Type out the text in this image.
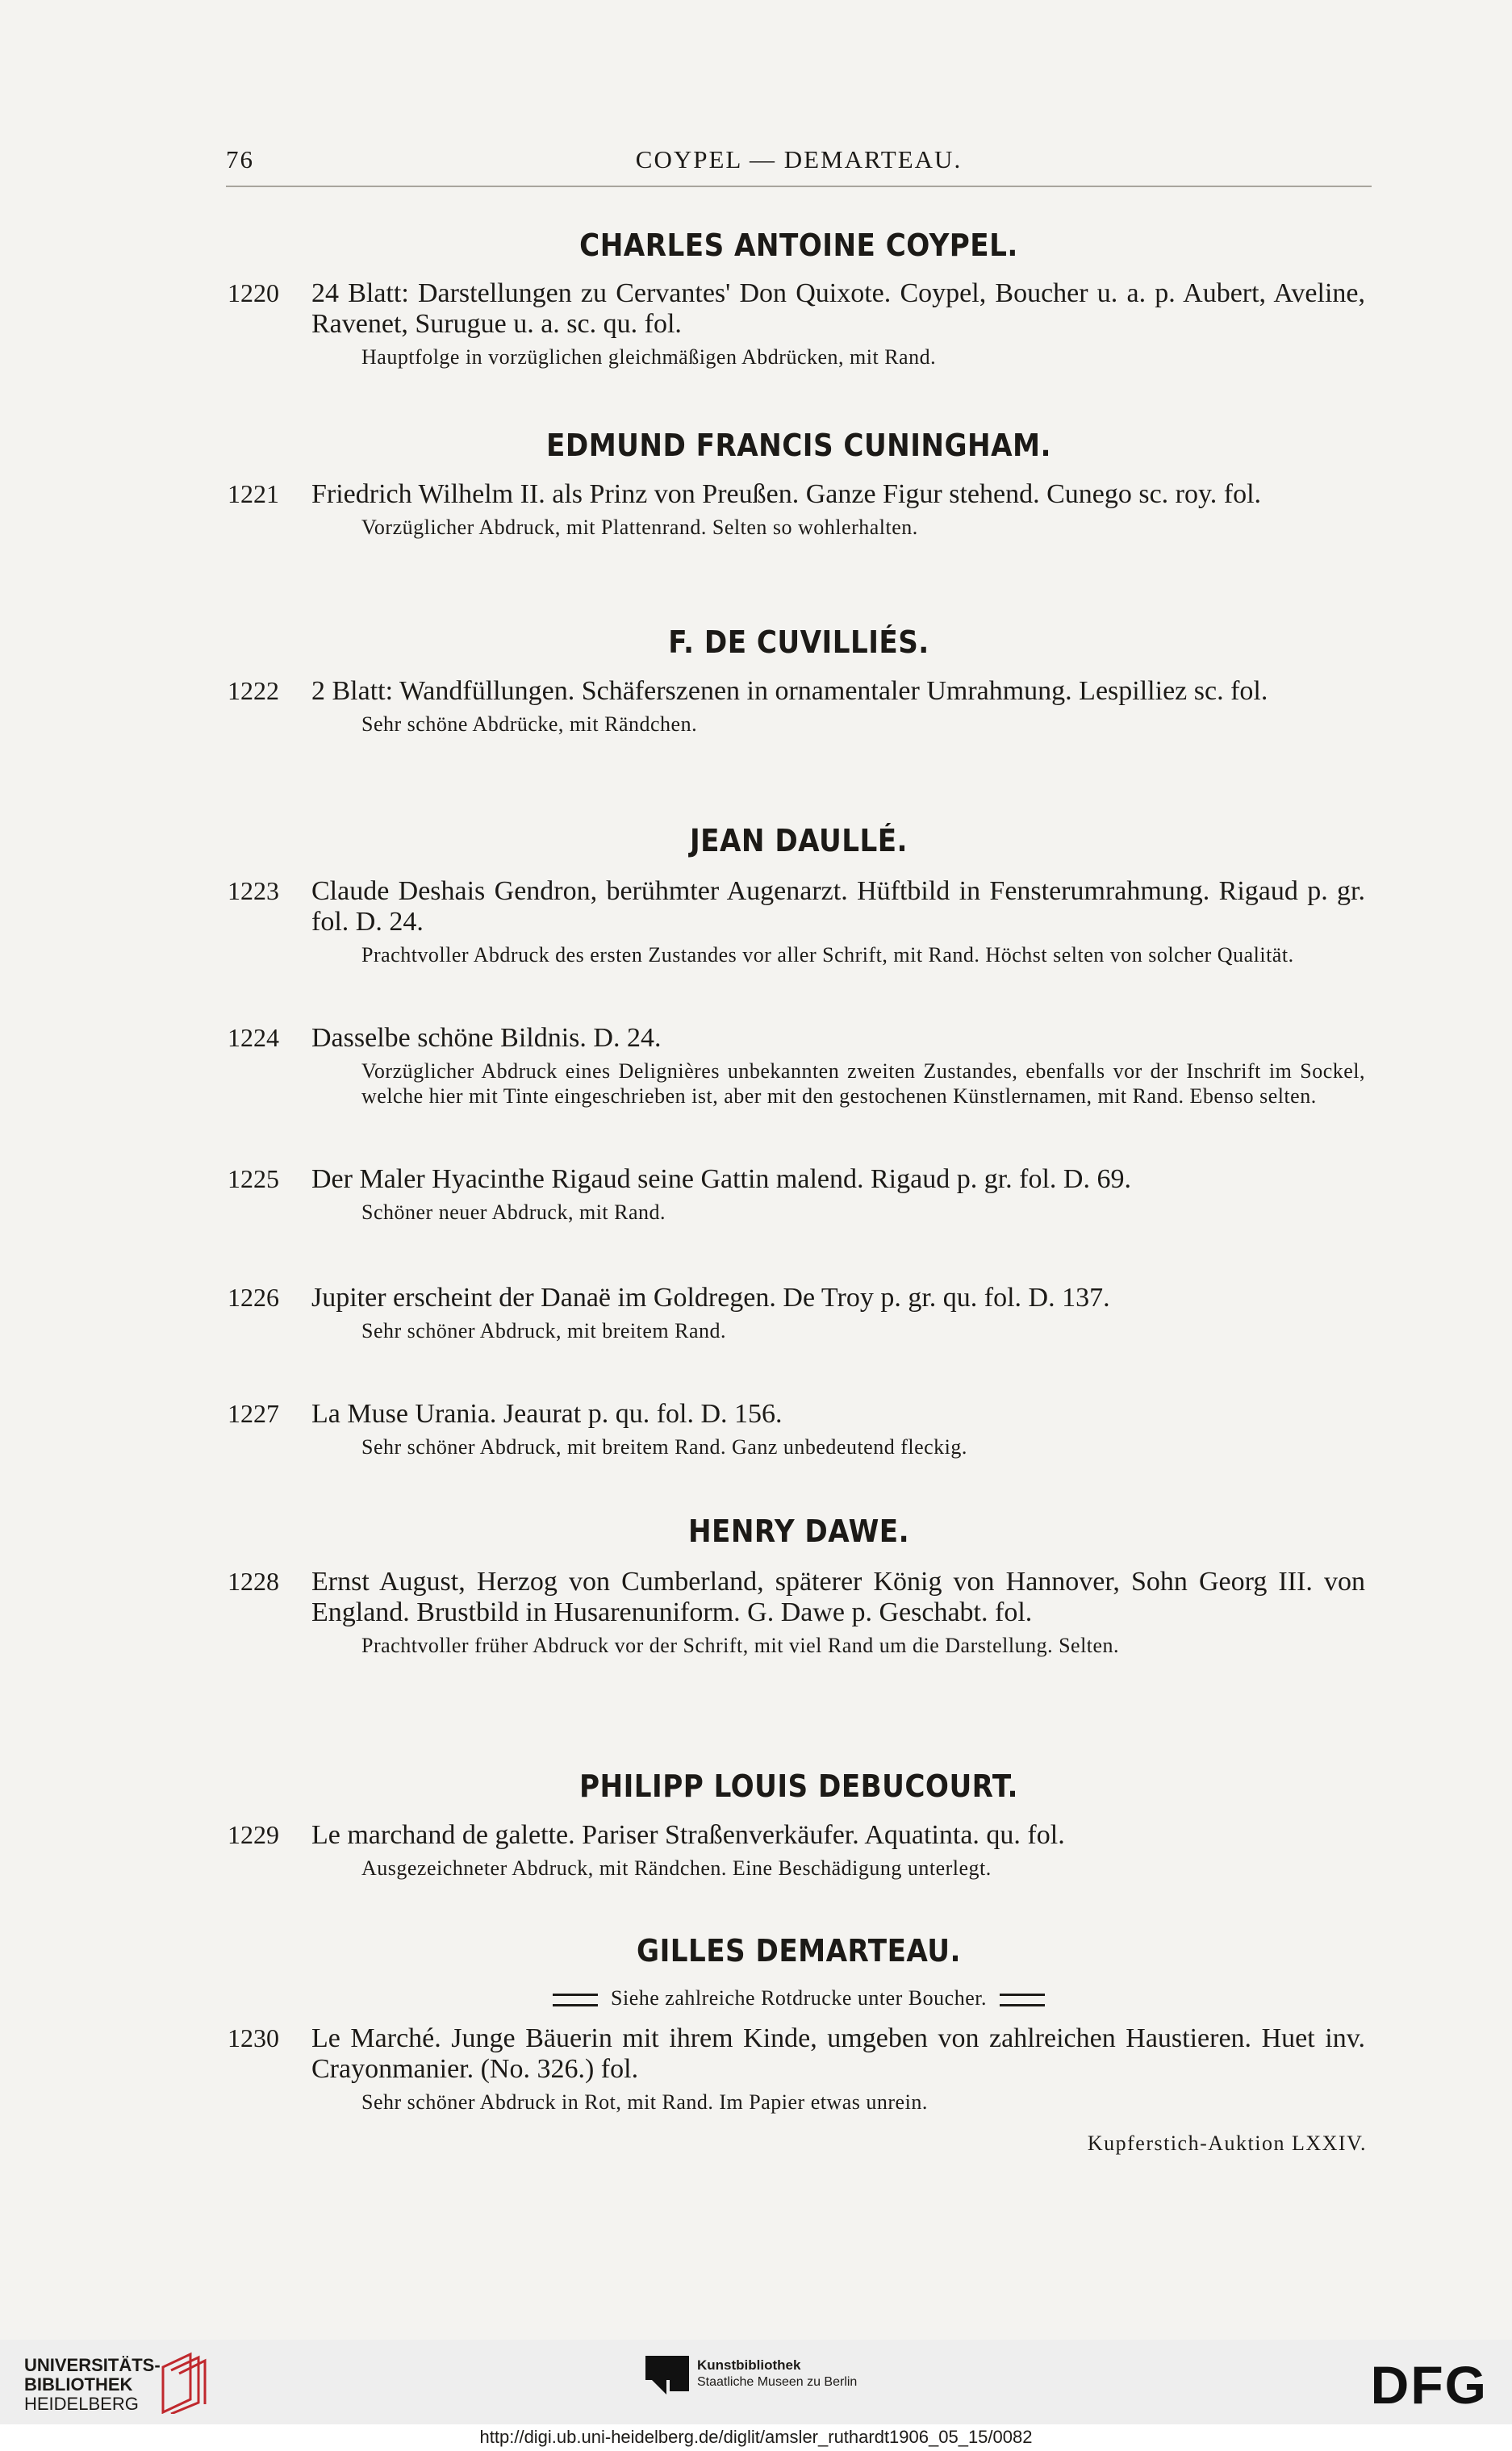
76	COYPEL — DEMARTEAU.
CHARLES ANTOINE COYPEL.
1220	24 Blatt: Darstellungen zu Cervantes' Don Quixote. Coypel, Boucher u. a. p. Aubert, Aveline, Ravenet, Surugue u. a. sc. qu. fol.
Hauptfolge in vorzüglichen gleichmäßigen Abdrücken, mit Rand.
EDMUND FRANCIS CUNINGHAM.
1221	Friedrich Wilhelm II. als Prinz von Preußen. Ganze Figur stehend. Cunego sc. roy. fol.
Vorzüglicher Abdruck, mit Plattenrand. Selten so wohlerhalten.
F. DE CUVILLIÉS.
1222	2 Blatt: Wandfüllungen. Schäferszenen in ornamentaler Umrahmung. Lespilliez sc. fol.
Sehr schöne Abdrücke, mit Rändchen.
JEAN DAULLÉ.
1223	Claude Deshais Gendron, berühmter Augenarzt. Hüftbild in Fensterumrahmung. Rigaud p. gr. fol. D. 24.
Prachtvoller Abdruck des ersten Zustandes vor aller Schrift, mit Rand. Höchst selten von solcher Qualität.
1224	Dasselbe schöne Bildnis. D. 24.
Vorzüglicher Abdruck eines Delignières unbekannten zweiten Zustandes, ebenfalls vor der Inschrift im Sockel, welche hier mit Tinte eingeschrieben ist, aber mit den gestochenen Künstlernamen, mit Rand. Ebenso selten.
1225	Der Maler Hyacinthe Rigaud seine Gattin malend. Rigaud p. gr. fol. D. 69.
Schöner neuer Abdruck, mit Rand.
1226	Jupiter erscheint der Danaë im Goldregen. De Troy p. gr. qu. fol. D. 137.
Sehr schöner Abdruck, mit breitem Rand.
1227	La Muse Urania. Jeaurat p. qu. fol. D. 156.
Sehr schöner Abdruck, mit breitem Rand. Ganz unbedeutend fleckig.
HENRY DAWE.
1228	Ernst August, Herzog von Cumberland, späterer König von Hannover, Sohn Georg III. von England. Brustbild in Husarenuniform. G. Dawe p. Geschabt. fol.
Prachtvoller früher Abdruck vor der Schrift, mit viel Rand um die Darstellung. Selten.
PHILIPP LOUIS DEBUCOURT.
1229	Le marchand de galette. Pariser Straßenverkäufer. Aquatinta. qu. fol.
Ausgezeichneter Abdruck, mit Rändchen. Eine Beschädigung unterlegt.
GILLES DEMARTEAU.
Siehe zahlreiche Rotdrucke unter Boucher.
1230	Le Marché. Junge Bäuerin mit ihrem Kinde, umgeben von zahlreichen Haustieren. Huet inv. Crayonmanier. (No. 326.) fol.
Sehr schöner Abdruck in Rot, mit Rand. Im Papier etwas unrein.
Kupferstich-Auktion LXXIV.
UNIVERSITÄTS-
BIBLIOTHEK
HEIDELBERG
Kunstbibliothek
Staatliche Museen zu Berlin	DFG
http://digi.ub.uni-heidelberg.de/diglit/amsler_ruthardt1906_05_15/0082
